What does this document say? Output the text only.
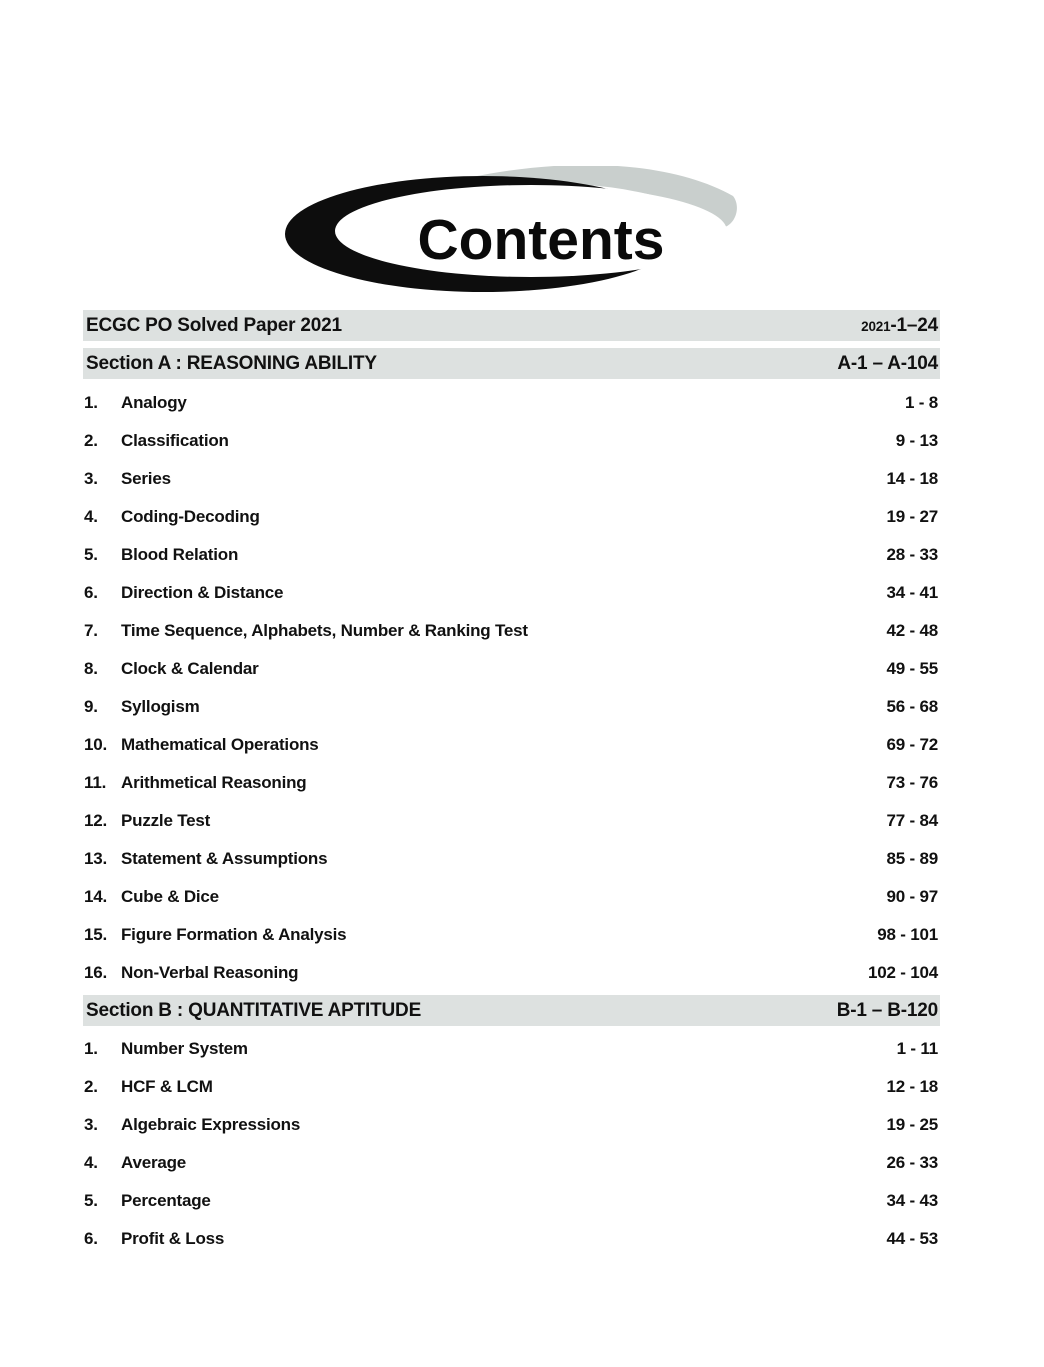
Contents
ECGC PO Solved Paper 2021	2021-1–24
Section A : REASONING ABILITY	A-1 – A-104
1.	Analogy	1 - 8
2.	Classification	9 - 13
3.	Series	14 - 18
4.	Coding-Decoding	19 - 27
5.	Blood Relation	28 - 33
6.	Direction & Distance	34 - 41
7.	Time Sequence, Alphabets, Number & Ranking Test	42 - 48
8.	Clock & Calendar	49 - 55
9.	Syllogism	56 - 68
10. Mathematical Operations	69 - 72
11. Arithmetical Reasoning	73 - 76
12. Puzzle Test	77 - 84
13. Statement & Assumptions	85 - 89
14. Cube & Dice	90 - 97
15. Figure Formation & Analysis	98 - 101
16. Non-Verbal Reasoning	102 - 104
Section B : QUANTITATIVE APTITUDE	B-1 – B-120
1.	Number System	1 - 11
2.	HCF & LCM	12 - 18
3.	Algebraic Expressions	19 - 25
4.	Average	26 - 33
5.	Percentage	34 - 43
6.	Profit & Loss	44 - 53
